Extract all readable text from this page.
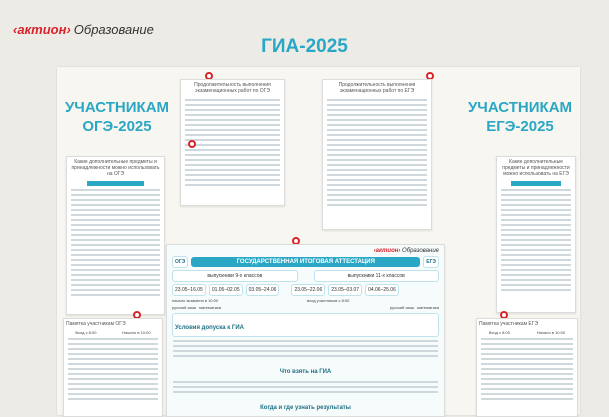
‹aктион› Образование
ГИА-2025
УЧАСТНИКАМ ОГЭ-2025
УЧАСТНИКАМ ЕГЭ-2025
Продолжительность выполнения экзаменационных работ по ОГЭ
Продолжительность выполнения экзаменационных работ по ЕГЭ
Какие дополнительные предметы и принадлежности можно использовать на ОГЭ
Какие дополнительные предметы и принадлежности можно использовать на ЕГЭ
Памятка участникам ОГЭ
Вход с 8:00	Начало в 10:00
Памятка участникам ЕГЭ
Вход с 8:00	Начало в 10:00
‹aктион› Образование
ОГЭ	ГОСУДАРСТВЕННАЯ ИТОГОВАЯ АТТЕСТАЦИЯ	ЕГЭ
выпускники 9-х классов	выпускники 11-х классов
23.05–16.05	01.05–02.05	03.05–24.06	23.05–22.06	23.05–03.07	04.06–25.06
начало экзамена в 10:00	вход участников с 8:00
русский язык математика	русский язык математика
Условия допуска к ГИА
Что взять на ГИА
Когда и где узнать результаты
